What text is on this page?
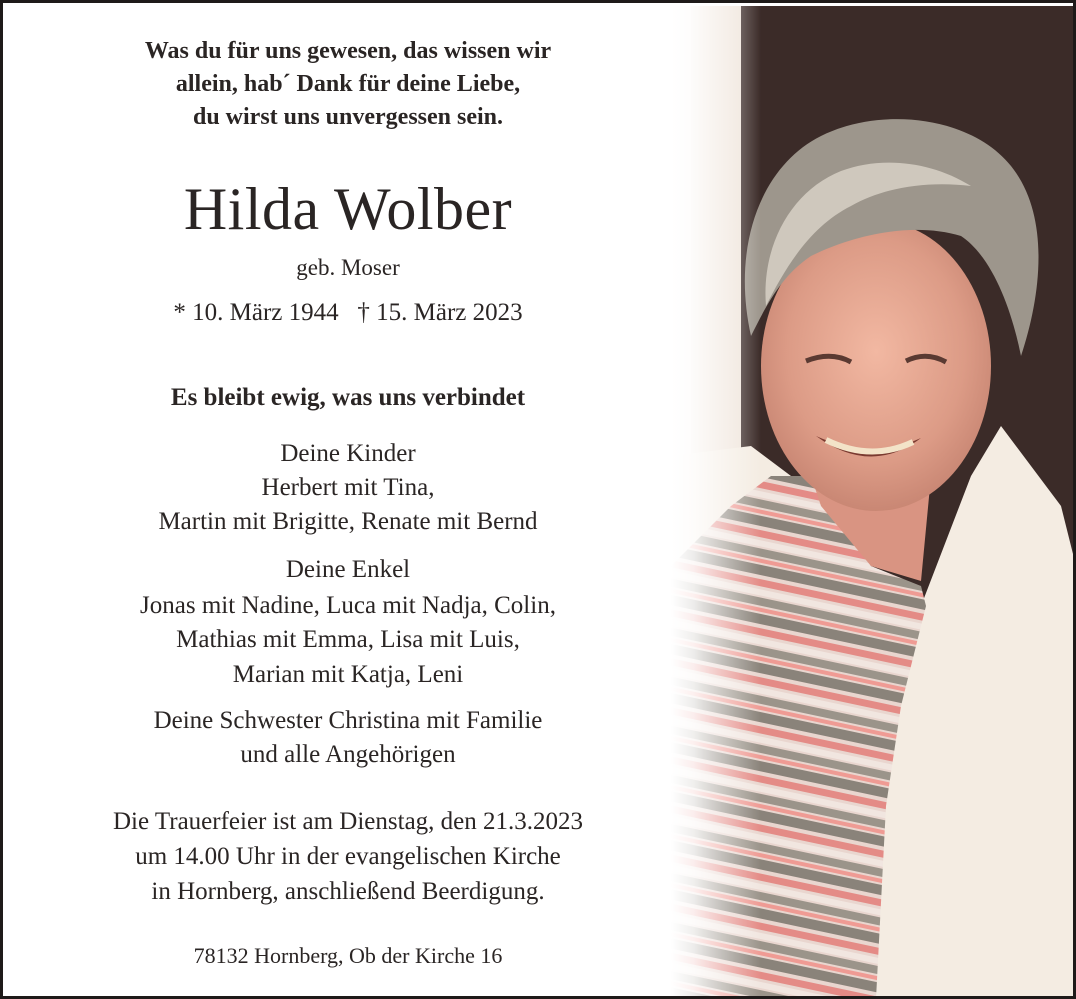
Was du für uns gewesen, das wissen wir
allein, hab´ Dank für deine Liebe,
du wirst uns unvergessen sein.
Hilda Wolber
geb. Moser
* 10. März 1944   † 15. März 2023
Es bleibt ewig, was uns verbindet
Deine Kinder
Herbert mit Tina,
Martin mit Brigitte, Renate mit Bernd
Deine Enkel
Jonas mit Nadine, Luca mit Nadja, Colin,
Mathias mit Emma, Lisa mit Luis,
Marian mit Katja, Leni
Deine Schwester Christina mit Familie
und alle Angehörigen
Die Trauerfeier ist am Dienstag, den 21.3.2023
um 14.00 Uhr in der evangelischen Kirche
in Hornberg, anschließend Beerdigung.
78132 Hornberg, Ob der Kirche 16
